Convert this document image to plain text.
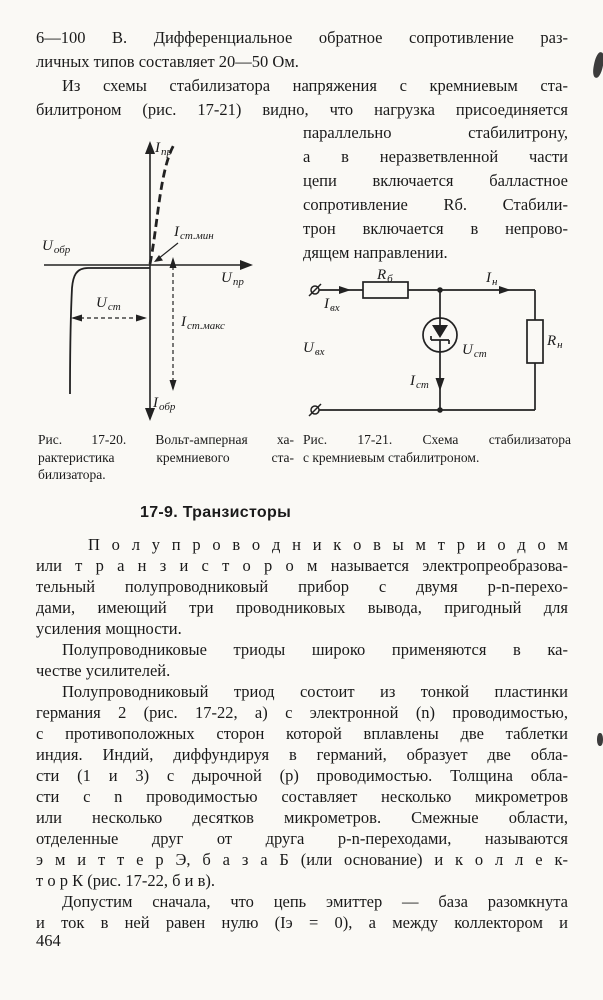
6—100 В. Дифференциальное обратное сопротивление раз-
личных типов составляет 20—50 Ом.
Из схемы стабилизатора напряжения с кремниевым ста-
билитроном (рис. 17-21) видно, что нагрузка присоединяется
параллельно стабилитрону,
а в неразветвленной части
цепи включается балластное
сопротивление Rб. Стабили-
трон включается в непрово-
дящем направлении.
$I_{пр}$
$U_{обр}$
$U_{пр}$
$I_{обр}$
$I_{ст.мин}$
$U_{ст}$
$I_{ст.макс}$
$I_{вх}$
$R_б$	$I_н$
$U_{вх}$	$U_{ст}$
$R_н$
$I_{ст}$
Рис. 17-20. Вольт-амперная ха-
рактеристика кремниевого ста-
билизатора.
Рис. 17-21. Схема стабилизатора
с кремниевым стабилитроном.
17-9. Транзисторы
П о л у п р о в о д н и к о в ы м т р и о д о м
или т р а н з и с т о р о м называется электропреобразова-
тельный полупроводниковый прибор с двумя p-n-перехо-
дами, имеющий три проводниковых вывода, пригодный для
усиления мощности.
Полупроводниковые триоды широко применяются в ка-
честве усилителей.
Полупроводниковый триод состоит из тонкой пластинки
германия 2 (рис. 17-22, а) с электронной (n) проводимостью,
с противоположных сторон которой вплавлены две таблетки
индия. Индий, диффундируя в германий, образует две обла-
сти (1 и 3) с дырочной (р) проводимостью. Толщина обла-
сти с n проводимостью составляет несколько микрометров
или несколько десятков микрометров. Смежные области,
отделенные друг от друга p-n-переходами, называются
э м и т т е р Э, б а з а Б (или основание) и к о л л е к-
т о р К (рис. 17-22, б и в).
Допустим сначала, что цепь эмиттер — база разомкнута
и ток в ней равен нулю (Iэ = 0), а между коллектором и
464
